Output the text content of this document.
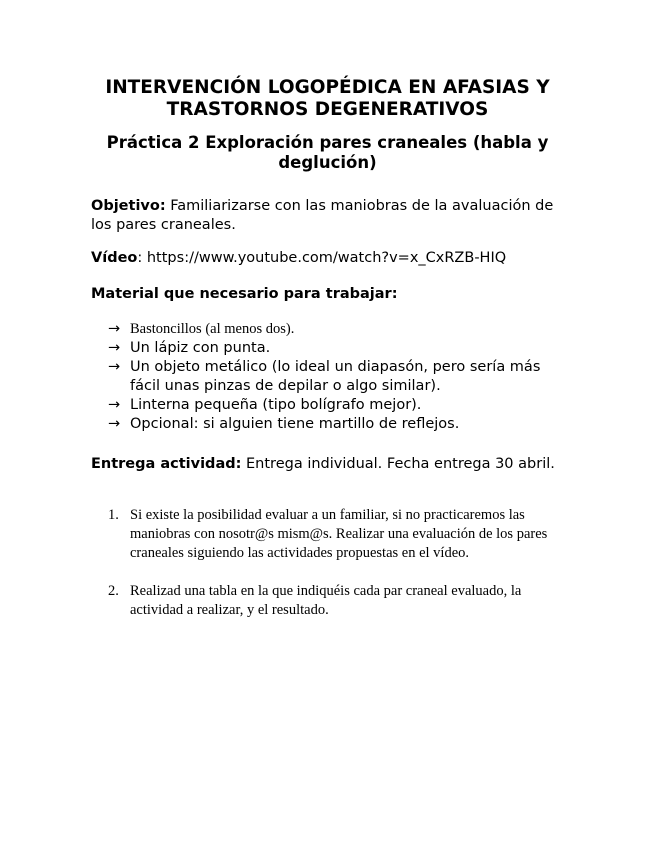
INTERVENCIÓN LOGOPÉDICA EN AFASIAS Y
TRASTORNOS DEGENERATIVOS
Práctica 2 Exploración pares craneales (habla y
deglución)

Objetivo: Familiarizarse con las maniobras de la avaluación de los pares craneales.

Vídeo: https://www.youtube.com/watch?v=x_CxRZB-HIQ

Material que necesario para trabajar:

→ Bastoncillos (al menos dos).
→ Un lápiz con punta.
→ Un objeto metálico (lo ideal un diapasón, pero sería más fácil unas pinzas de depilar o algo similar).
→ Linterna pequeña (tipo bolígrafo mejor).
→ Opcional: si alguien tiene martillo de reflejos.

Entrega actividad: Entrega individual. Fecha entrega 30 abril.

1. Si existe la posibilidad evaluar a un familiar, si no practicaremos las maniobras con nosotr@s mism@s. Realizar una evaluación de los pares craneales siguiendo las actividades propuestas en el vídeo.
2. Realizad una tabla en la que indiquéis cada par craneal evaluado, la actividad a realizar, y el resultado.
